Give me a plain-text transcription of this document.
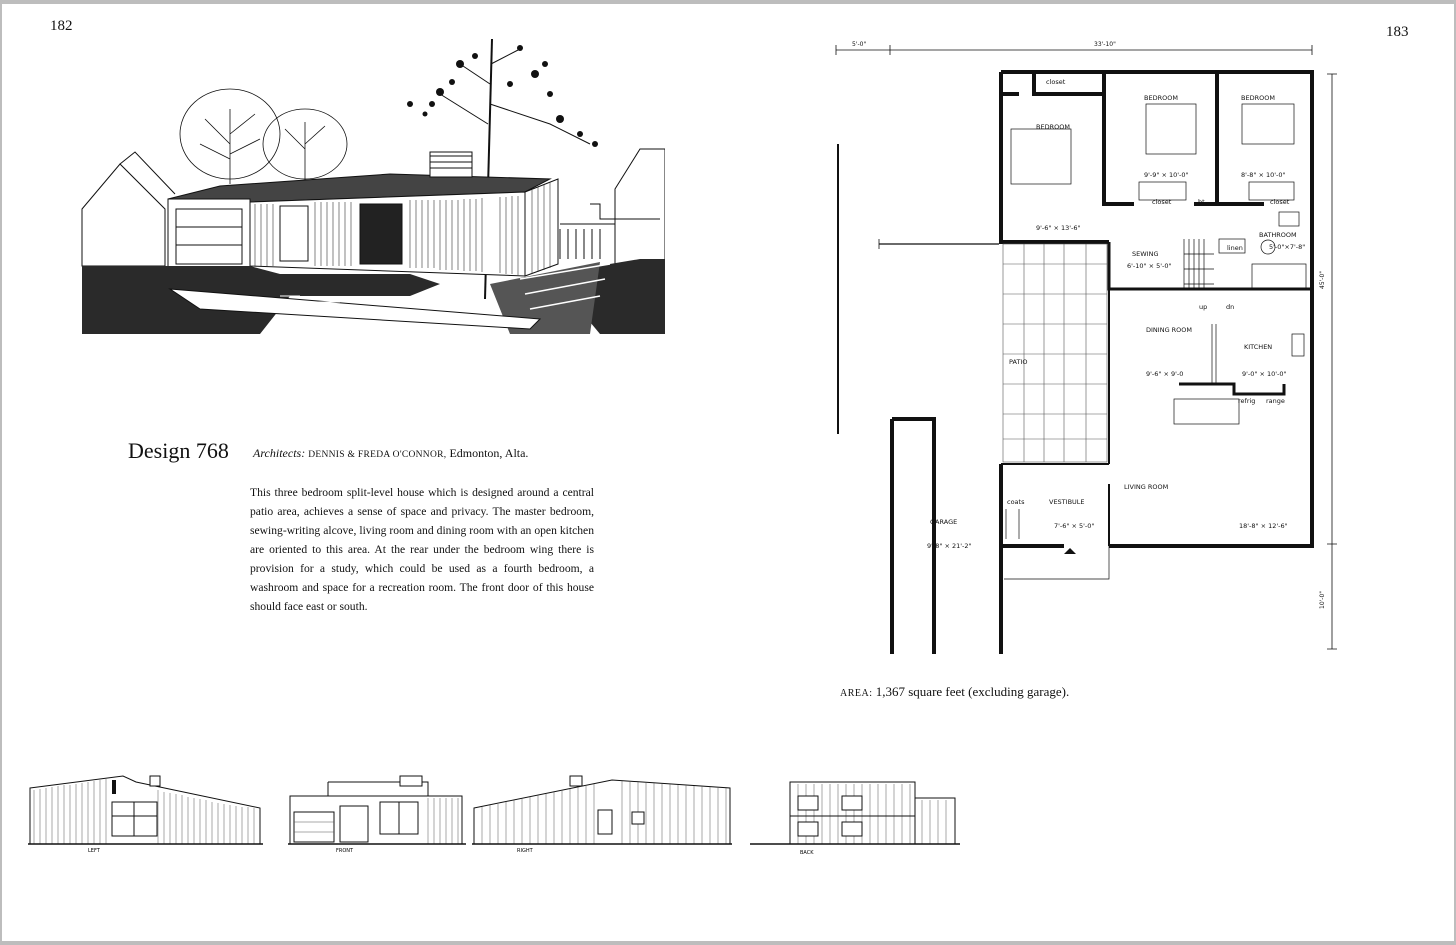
182	183
Design 768 Architects: DENNIS & FREDA O'CONNOR, Edmonton, Alta.
This three bedroom split-level house which is designed around a central patio area, achieves a sense of space and privacy. The master bedroom, sewing-writing alcove, living room and dining room with an open kitchen are oriented to this area. At the rear under the bedroom wing there is provision for a study, which could be used as a fourth bedroom, a washroom and space for a recreation room. The front door of this house should face east or south.
5'-0"	33'-10"
45'-0"
10'-0"
closet
BEDROOM
9'-6" × 13'-6"
BEDROOM
9'-9" × 10'-0"
BEDROOM
8'-8" × 10'-0"
closet	closet
bt
SEWING
6'-10" × 5'-0"
linen
BATHROOM
5'-0"×7'-8"
up	dn
PATIO
DINING ROOM
9'-6" × 9'-0
KITCHEN
9'-0" × 10'-0"
refrig range
GARAGE
9'-8" × 21'-2"
coats	VESTIBULE
7'-6" × 5'-0"
LIVING ROOM
18'-8" × 12'-6"
AREA: 1,367 square feet (excluding garage).
LEFT	FRONT	RIGHT	BACK
